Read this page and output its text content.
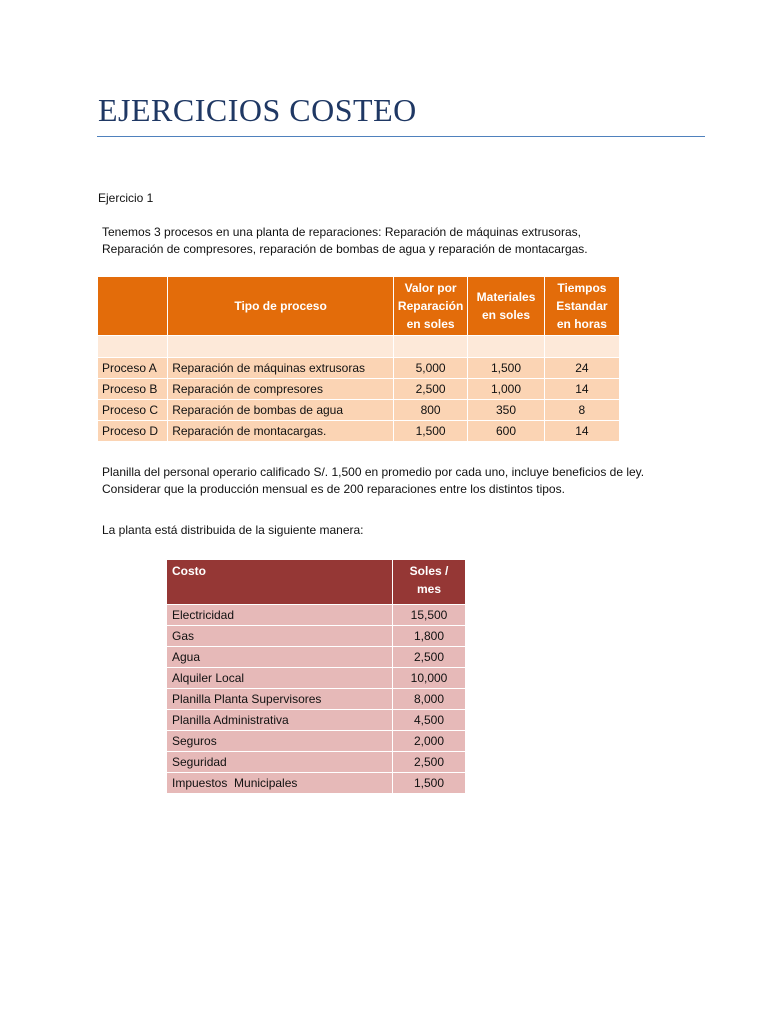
EJERCICIOS COSTEO
Ejercicio 1
Tenemos 3 procesos en una planta de reparaciones: Reparación de máquinas extrusoras,
Reparación de compresores, reparación de bombas de agua y reparación de montacargas.
	Tipo de proceso	Valor por Reparación en soles	Materiales en soles	Tiempos Estandar en horas

Proceso A	Reparación de máquinas extrusoras	5,000	1,500	24
Proceso B	Reparación de compresores	2,500	1,000	14
Proceso C	Reparación de bombas de agua	800	350	8
Proceso D	Reparación de montacargas.	1,500	600	14
Planilla del personal operario calificado S/. 1,500 en promedio por cada uno, incluye beneficios de ley.
Considerar que la producción mensual es de 200 reparaciones entre los distintos tipos.
La planta está distribuida de la siguiente manera:
Costo	Soles / mes
Electricidad	15,500
Gas	1,800
Agua	2,500
Alquiler Local	10,000
Planilla Planta Supervisores	8,000
Planilla Administrativa	4,500
Seguros	2,000
Seguridad	2,500
Impuestos  Municipales	1,500
